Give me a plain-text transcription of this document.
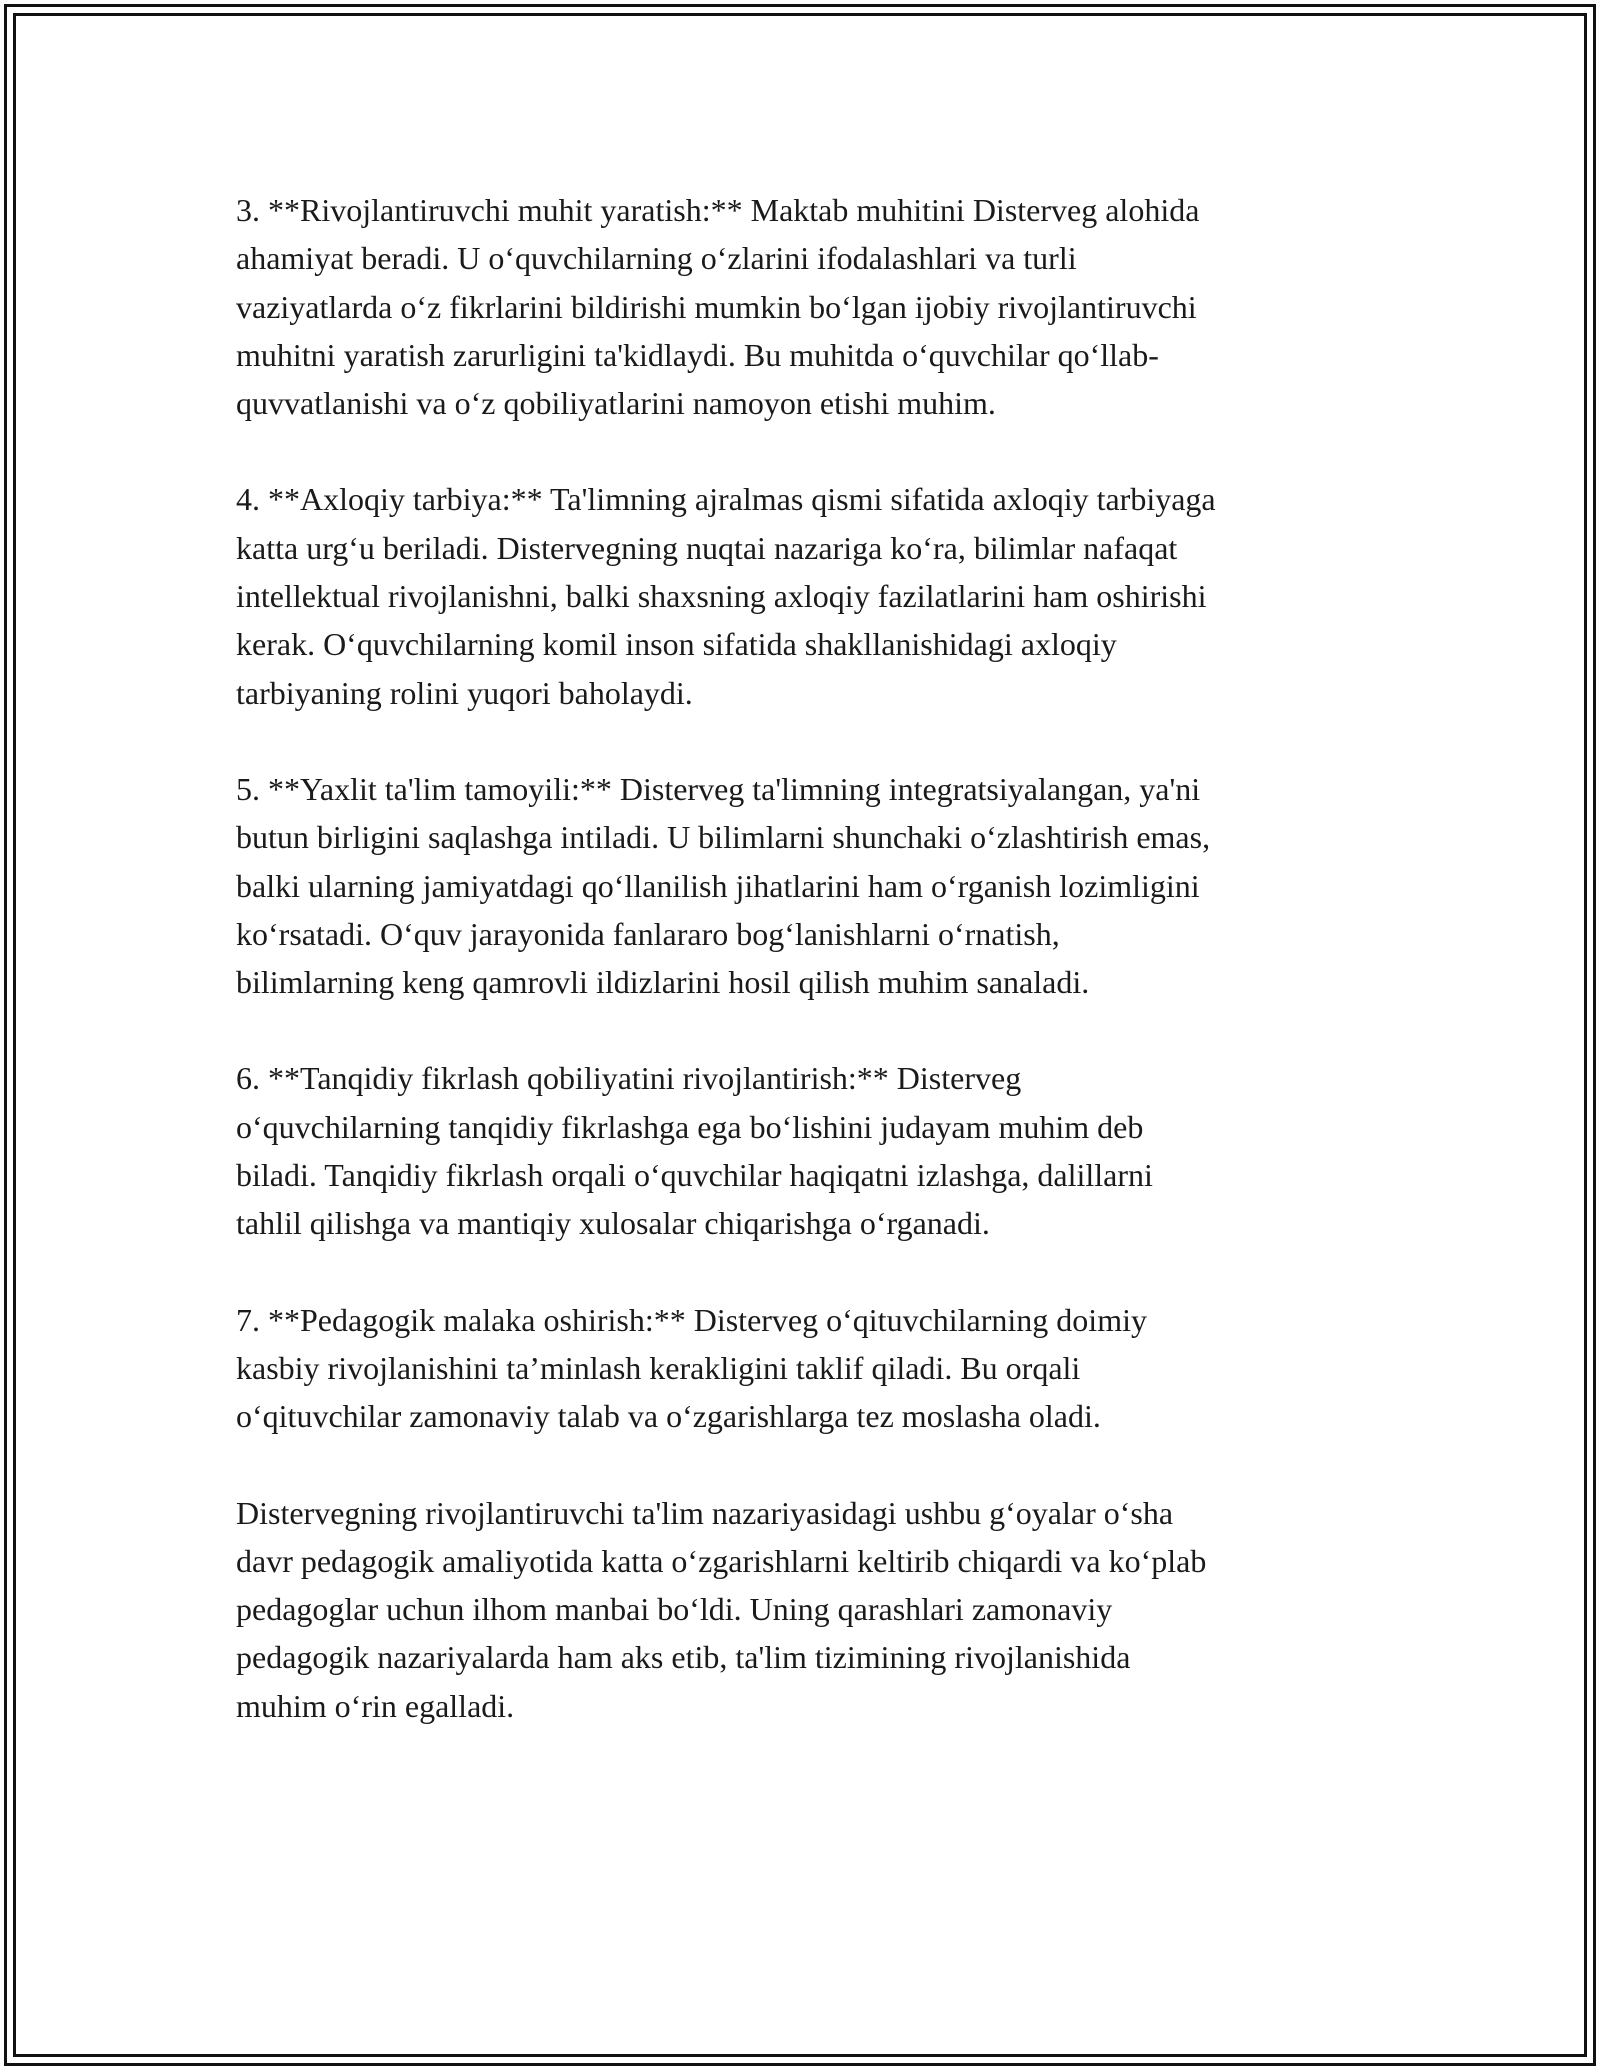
3. **Rivojlantiruvchi muhit yaratish:** Maktab muhitini Disterveg alohida
ahamiyat beradi. U o‘quvchilarning o‘zlarini ifodalashlari va turli
vaziyatlarda o‘z fikrlarini bildirishi mumkin bo‘lgan ijobiy rivojlantiruvchi
muhitni yaratish zarurligini ta'kidlaydi. Bu muhitda o‘quvchilar qo‘llab-
quvvatlanishi va o‘z qobiliyatlarini namoyon etishi muhim.

4. **Axloqiy tarbiya:** Ta'limning ajralmas qismi sifatida axloqiy tarbiyaga
katta urg‘u beriladi. Distervegning nuqtai nazariga ko‘ra, bilimlar nafaqat
intellektual rivojlanishni, balki shaxsning axloqiy fazilatlarini ham oshirishi
kerak. O‘quvchilarning komil inson sifatida shakllanishidagi axloqiy
tarbiyaning rolini yuqori baholaydi.

5. **Yaxlit ta'lim tamoyili:** Disterveg ta'limning integratsiyalangan, ya'ni
butun birligini saqlashga intiladi. U bilimlarni shunchaki o‘zlashtirish emas,
balki ularning jamiyatdagi qo‘llanilish jihatlarini ham o‘rganish lozimligini
ko‘rsatadi. O‘quv jarayonida fanlararo bog‘lanishlarni o‘rnatish,
bilimlarning keng qamrovli ildizlarini hosil qilish muhim sanaladi.

6. **Tanqidiy fikrlash qobiliyatini rivojlantirish:** Disterveg
o‘quvchilarning tanqidiy fikrlashga ega bo‘lishini judayam muhim deb
biladi. Tanqidiy fikrlash orqali o‘quvchilar haqiqatni izlashga, dalillarni
tahlil qilishga va mantiqiy xulosalar chiqarishga o‘rganadi.

7. **Pedagogik malaka oshirish:** Disterveg o‘qituvchilarning doimiy
kasbiy rivojlanishini ta’minlash kerakligini taklif qiladi. Bu orqali
o‘qituvchilar zamonaviy talab va o‘zgarishlarga tez moslasha oladi.

Distervegning rivojlantiruvchi ta'lim nazariyasidagi ushbu g‘oyalar o‘sha
davr pedagogik amaliyotida katta o‘zgarishlarni keltirib chiqardi va ko‘plab
pedagoglar uchun ilhom manbai bo‘ldi. Uning qarashlari zamonaviy
pedagogik nazariyalarda ham aks etib, ta'lim tizimining rivojlanishida
muhim o‘rin egalladi.
